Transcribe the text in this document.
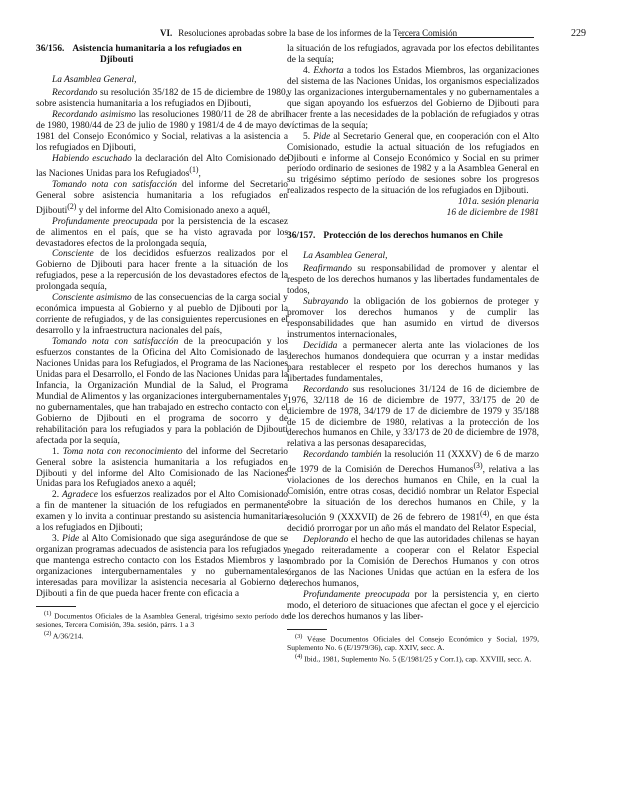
VI. Resoluciones aprobadas sobre la base de los informes de la Tercera Comisión	229

36/156. Asistencia humanitaria a los refugiados en

Djibouti

La Asamblea General,

Recordando su resolución 35/182 de 15 de diciembre de 1980, sobre asistencia humanitaria a los refugiados en Djibouti,

Recordando asimismo las resoluciones 1980/11 de 28 de abril de 1980, 1980/44 de 23 de julio de 1980 y 1981/4 de 4 de mayo de 1981 del Consejo Económico y Social, relativas a la asistencia a los refugiados en Djibouti,

Habiendo escuchado la declaración del Alto Comisionado de las Naciones Unidas para los Refugiados$^{(1)}$,

Tomando nota con satisfacción del informe del Secretario General sobre asistencia humanitaria a los refugiados en Djibouti$^{(2)}$ y del informe del Alto Comisionado anexo a aquél,

Profundamente preocupada por la persistencia de la escasez de alimentos en el país, que se ha visto agravada por los devastadores efectos de la prolongada sequía,

Consciente de los decididos esfuerzos realizados por el Gobierno de Djibouti para hacer frente a la situación de los refugiados, pese a la repercusión de los devastadores efectos de la prolongada sequía,

Consciente asimismo de las consecuencias de la carga social y económica impuesta al Gobierno y al pueblo de Djibouti por la corriente de refugiados, y de las consiguientes repercusiones en el desarrollo y la infraestructura nacionales del país,

Tomando nota con satisfacción de la preocupación y los esfuerzos constantes de la Oficina del Alto Comisionado de las Naciones Unidas para los Refugiados, el Programa de las Naciones Unidas para el Desarrollo, el Fondo de las Naciones Unidas para la Infancia, la Organización Mundial de la Salud, el Programa Mundial de Alimentos y las organizaciones intergubernamentales y no gubernamentales, que han trabajado en estrecho contacto con el Gobierno de Djibouti en el programa de socorro y de rehabilitación para los refugiados y para la población de Djibouti afectada por la sequía,

1. Toma nota con reconocimiento del informe del Secretario General sobre la asistencia humanitaria a los refugiados en Djibouti y del informe del Alto Comisionado de las Naciones Unidas para los Refugiados anexo a aquél;

2. Agradece los esfuerzos realizados por el Alto Comisionado a fin de mantener la situación de los refugiados en permanente examen y lo invita a continuar prestando su asistencia humanitaria a los refugiados en Djibouti;

3. Pide al Alto Comisionado que siga asegurándose de que se organizan programas adecuados de asistencia para los refugiados y que mantenga estrecho contacto con los Estados Miembros y las organizaciones intergubernamentales y no gubernamentales interesadas para movilizar la asistencia necesaria al Gobierno de Djibouti a fin de que pueda hacer frente con eficacia a

$^{(1)}$ Documentos Oficiales de la Asamblea General, trigésimo sexto período de sesiones, Tercera Comisión, 39a. sesión, párrs. 1 a 3

$^{(2)}$ A/36/214.

la situación de los refugiados, agravada por los efectos debilitantes de la sequía;

4. Exhorta a todos los Estados Miembros, las organizaciones del sistema de las Naciones Unidas, los organismos especializados y las organizaciones intergubernamentales y no gubernamentales a que sigan apoyando los esfuerzos del Gobierno de Djibouti para hacer frente a las necesidades de la población de refugiados y otras víctimas de la sequía;

5. Pide al Secretario General que, en cooperación con el Alto Comisionado, estudie la actual situación de los refugiados en Djibouti e informe al Consejo Económico y Social en su primer período ordinario de sesiones de 1982 y a la Asamblea General en su trigésimo séptimo período de sesiones sobre los progresos realizados respecto de la situación de los refugiados en Djibouti.

101a. sesión plenaria

16 de diciembre de 1981

36/157. Protección de los derechos humanos en Chile

La Asamblea General,

Reafirmando su responsabilidad de promover y alentar el respeto de los derechos humanos y las libertades fundamentales de todos,

Subrayando la obligación de los gobiernos de proteger y promover los derechos humanos y de cumplir las responsabilidades que han asumido en virtud de diversos instrumentos internacionales,

Decidida a permanecer alerta ante las violaciones de los derechos humanos dondequiera que ocurran y a instar medidas para restablecer el respeto por los derechos humanos y las libertades fundamentales,

Recordando sus resoluciones 31/124 de 16 de diciembre de 1976, 32/118 de 16 de diciembre de 1977, 33/175 de 20 de diciembre de 1978, 34/179 de 17 de diciembre de 1979 y 35/188 de 15 de diciembre de 1980, relativas a la protección de los derechos humanos en Chile, y 33/173 de 20 de diciembre de 1978, relativa a las personas desaparecidas,

Recordando también la resolución 11 (XXXV) de 6 de marzo de 1979 de la Comisión de Derechos Humanos$^{(3)}$, relativa a las violaciones de los derechos humanos en Chile, en la cual la Comisión, entre otras cosas, decidió nombrar un Relator Especial sobre la situación de los derechos humanos en Chile, y la resolución 9 (XXXVII) de 26 de febrero de 1981$^{(4)}$, en que ésta decidió prorrogar por un año más el mandato del Relator Especial,

Deplorando el hecho de que las autoridades chilenas se hayan negado reiteradamente a cooperar con el Relator Especial nombrado por la Comisión de Derechos Humanos y con otros órganos de las Naciones Unidas que actúan en la esfera de los derechos humanos,

Profundamente preocupada por la persistencia y, en cierto modo, el deterioro de situaciones que afectan el goce y el ejercicio de los derechos humanos y las liber-

$^{(3)}$ Véase Documentos Oficiales del Consejo Económico y Social, 1979, Suplemento No. 6 (E/1979/36), cap. XXIV, secc. A.

$^{(4)}$ Ibid., 1981, Suplemento No. 5 (E/1981/25 y Corr.1), cap. XXVIII, secc. A.
